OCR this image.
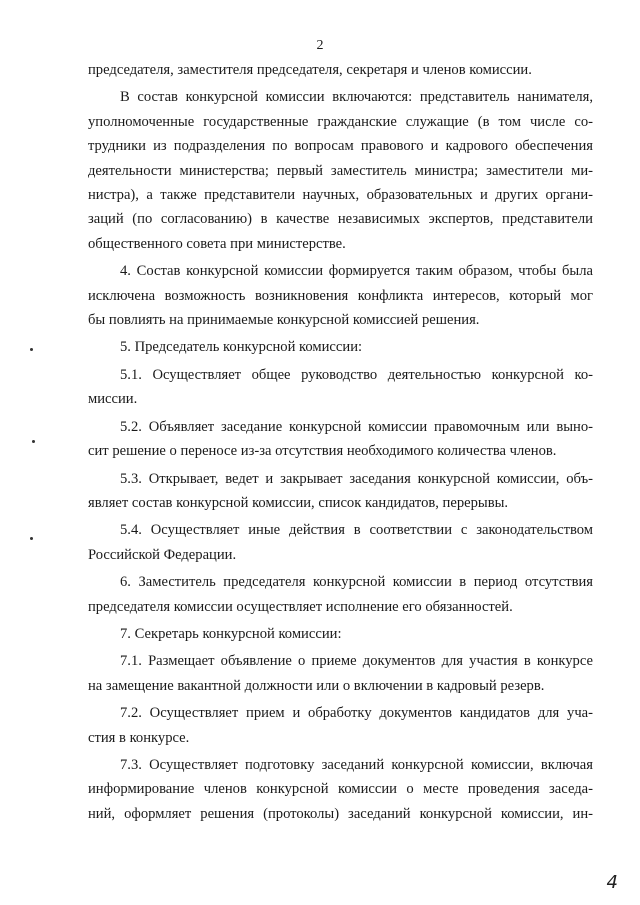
2
председателя, заместителя председателя, секретаря и членов комиссии.
В состав конкурсной комиссии включаются: представитель нанимателя,
уполномоченные государственные гражданские служащие (в том числе со-
трудники из подразделения по вопросам правового и кадрового обеспечения
деятельности министерства; первый заместитель министра; заместители ми-
нистра), а также представители научных, образовательных и других органи-
заций (по согласованию) в качестве независимых экспертов, представители
общественного совета при министерстве.
4. Состав конкурсной комиссии формируется таким образом, чтобы была
исключена возможность возникновения конфликта интересов, который мог
бы повлиять на принимаемые конкурсной комиссией решения.
5. Председатель конкурсной комиссии:
5.1. Осуществляет общее руководство деятельностью конкурсной ко-
миссии.
5.2. Объявляет заседание конкурсной комиссии правомочным или выно-
сит решение о переносе из-за отсутствия необходимого количества членов.
5.3. Открывает, ведет и закрывает заседания конкурсной комиссии, объ-
являет состав конкурсной комиссии, список кандидатов, перерывы.
5.4. Осуществляет иные действия в соответствии с законодательством
Российской Федерации.
6. Заместитель председателя конкурсной комиссии в период отсутствия
председателя комиссии осуществляет исполнение его обязанностей.
7. Секретарь конкурсной комиссии:
7.1. Размещает объявление о приеме документов для участия в конкурсе
на замещение вакантной должности или о включении в кадровый резерв.
7.2. Осуществляет прием и обработку документов кандидатов для уча-
стия в конкурсе.
7.3. Осуществляет подготовку заседаний конкурсной комиссии, включая
информирование членов конкурсной комиссии о месте проведения заседа-
ний, оформляет решения (протоколы) заседаний конкурсной комиссии, ин-
4
